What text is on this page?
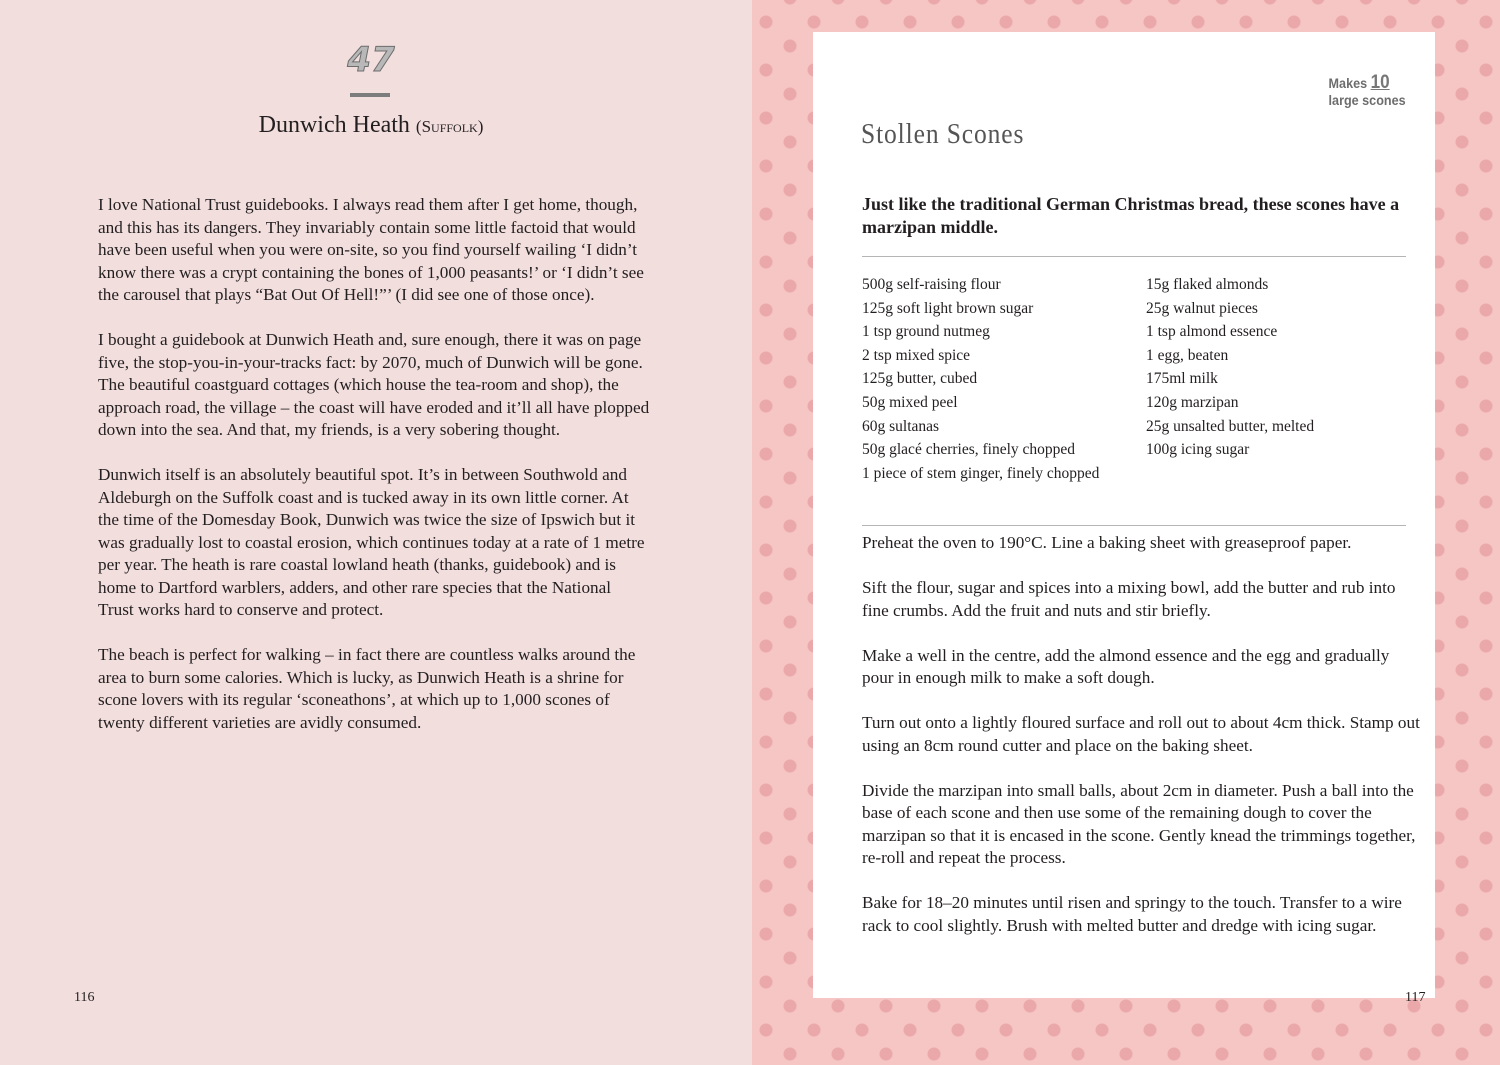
47
Dunwich Heath (Suffolk)

I love National Trust guidebooks. I always read them after I get home, though, and this has its dangers. They invariably contain some little factoid that would have been useful when you were on-site, so you find yourself wailing ‘I didn’t know there was a crypt containing the bones of 1,000 peasants!’ or ‘I didn’t see the carousel that plays “Bat Out Of Hell!”’ (I did see one of those once).

I bought a guidebook at Dunwich Heath and, sure enough, there it was on page five, the stop-you-in-your-tracks fact: by 2070, much of Dunwich will be gone. The beautiful coastguard cottages (which house the tea-room and shop), the approach road, the village – the coast will have eroded and it’ll all have plopped down into the sea. And that, my friends, is a very sobering thought.

Dunwich itself is an absolutely beautiful spot. It’s in between Southwold and Aldeburgh on the Suffolk coast and is tucked away in its own little corner. At the time of the Domesday Book, Dunwich was twice the size of Ipswich but it was gradually lost to coastal erosion, which continues today at a rate of 1 metre per year. The heath is rare coastal lowland heath (thanks, guidebook) and is home to Dartford warblers, adders, and other rare species that the National Trust works hard to conserve and protect.

The beach is perfect for walking – in fact there are countless walks around the area to burn some calories. Which is lucky, as Dunwich Heath is a shrine for scone lovers with its regular ‘sconeathons’, at which up to 1,000 scones of twenty different varieties are avidly consumed.

116
Makes 10
large scones
Stollen Scones
Just like the traditional German Christmas bread, these scones have a marzipan middle.
500g self-raising flour
125g soft light brown sugar
1 tsp ground nutmeg
2 tsp mixed spice
125g butter, cubed
50g mixed peel
60g sultanas
50g glacé cherries, finely chopped
1 piece of stem ginger, finely chopped
15g flaked almonds
25g walnut pieces
1 tsp almond essence
1 egg, beaten
175ml milk
120g marzipan
25g unsalted butter, melted
100g icing sugar

Preheat the oven to 190°C. Line a baking sheet with greaseproof paper.

Sift the flour, sugar and spices into a mixing bowl, add the butter and rub into fine crumbs. Add the fruit and nuts and stir briefly.

Make a well in the centre, add the almond essence and the egg and gradually pour in enough milk to make a soft dough.

Turn out onto a lightly floured surface and roll out to about 4cm thick. Stamp out using an 8cm round cutter and place on the baking sheet.

Divide the marzipan into small balls, about 2cm in diameter. Push a ball into the base of each scone and then use some of the remaining dough to cover the marzipan so that it is encased in the scone. Gently knead the trimmings together, re-roll and repeat the process.

Bake for 18–20 minutes until risen and springy to the touch. Transfer to a wire rack to cool slightly. Brush with melted butter and dredge with icing sugar.

117
